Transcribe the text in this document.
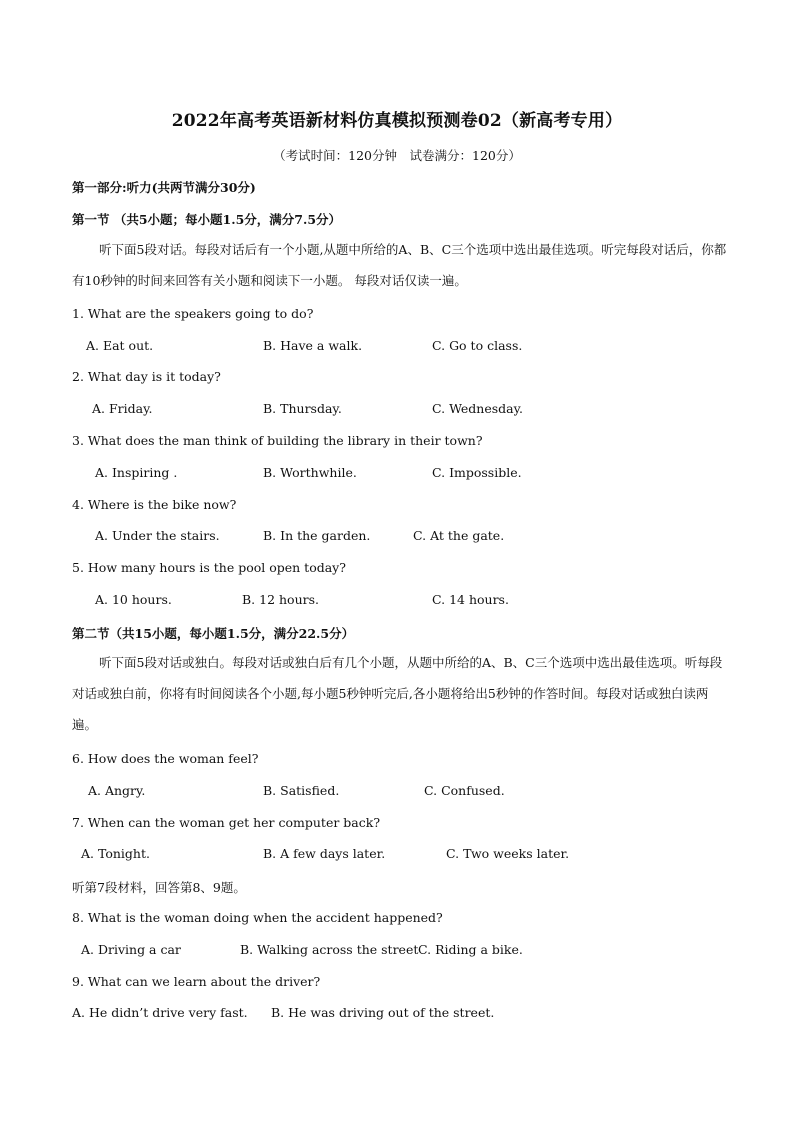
2022年高考英语新材料仿真模拟预测卷02（新高考专用）
（考试时间：120分钟　试卷满分：120分）
第一部分:听力(共两节满分30分)
第一节 （共5小题；每小题1.5分，满分7.5分）
听下面5段对话。每段对话后有一个小题,从题中所给的A、B、C三个选项中选出最佳选项。听完每段对话后，你都有10秒钟的时间来回答有关小题和阅读下一小题。 每段对话仅读一遍。
1. What are the speakers going to do?
A. Eat out.	B. Have a walk.	C. Go to class.
2. What day is it today?
A. Friday.	B. Thursday.	C. Wednesday.
3. What does the man think of building the library in their town?
A. Inspiring .	B. Worthwhile.	C. Impossible.
4. Where is the bike now?
A. Under the stairs.	B. In the garden.	C. At the gate.
5. How many hours is the pool open today?
A. 10 hours.	B. 12 hours.	C. 14 hours.
第二节（共15小题，每小题1.5分，满分22.5分）
听下面5段对话或独白。每段对话或独白后有几个小题，从题中所给的A、B、C三个选项中选出最佳选项。听每段对话或独白前，你将有时间阅读各个小题,每小题5秒钟听完后,各小题将给出5秒钟的作答时间。每段对话或独白读两遍。
6. How does the woman feel?
A. Angry.	B. Satisfied.	C. Confused.
7. When can the woman get her computer back?
A. Tonight.	B. A few days later.	C. Two weeks later.
听第7段材料，回答第8、9题。
8. What is the woman doing when the accident happened?
A. Driving a car	B. Walking across the street C. Riding a bike.
9. What can we learn about the driver?
A. He didn’t drive very fast. B. He was driving out of the street.
